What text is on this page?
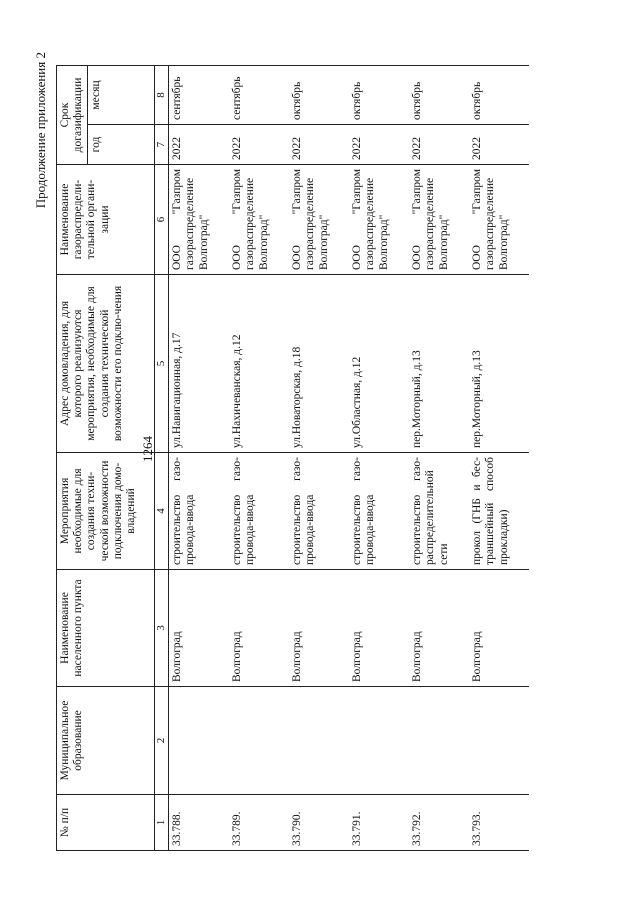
1264
Продолжение приложения 2
№ п/п	Муниципальное образование	Наименование населенного пункта	Мероприятия необходимые для создания техни-ческой возможности подключения домо-владений	Адрес домовладения, для которого реализуются мероприятия, необходимые для создания технической возможности его подклю-чения	Наименование газораспредели-тельной органи-зации	Срок догазификации	
						год	месяц
1	2	3	4	5	6	7	8
33.788.		Волгоград	строительство газо-провода-ввода	ул.Навигационная, д.17	ООО "Газпром газораспределение Волгоград"	2022	сентябрь
33.789.		Волгоград	строительство газо-провода-ввода	ул.Нахичеванская, д.12	ООО "Газпром газораспределение Волгоград"	2022	сентябрь
33.790.		Волгоград	строительство газо-провода-ввода	ул.Новаторская, д.18	ООО "Газпром газораспределение Волгоград"	2022	октябрь
33.791.		Волгоград	строительство газо-провода-ввода	ул.Областная, д.12	ООО "Газпром газораспределение Волгоград"	2022	октябрь
33.792.		Волгоград	строительство газо-распределительной сети	пер.Моторный, д.13	ООО "Газпром газораспределение Волгоград"	2022	октябрь
33.793.		Волгоград	прокол (ГНБ и бес-траншейный способ прокладки)	пер.Моторный, д.13	ООО "Газпром газораспределение Волгоград"	2022	октябрь
